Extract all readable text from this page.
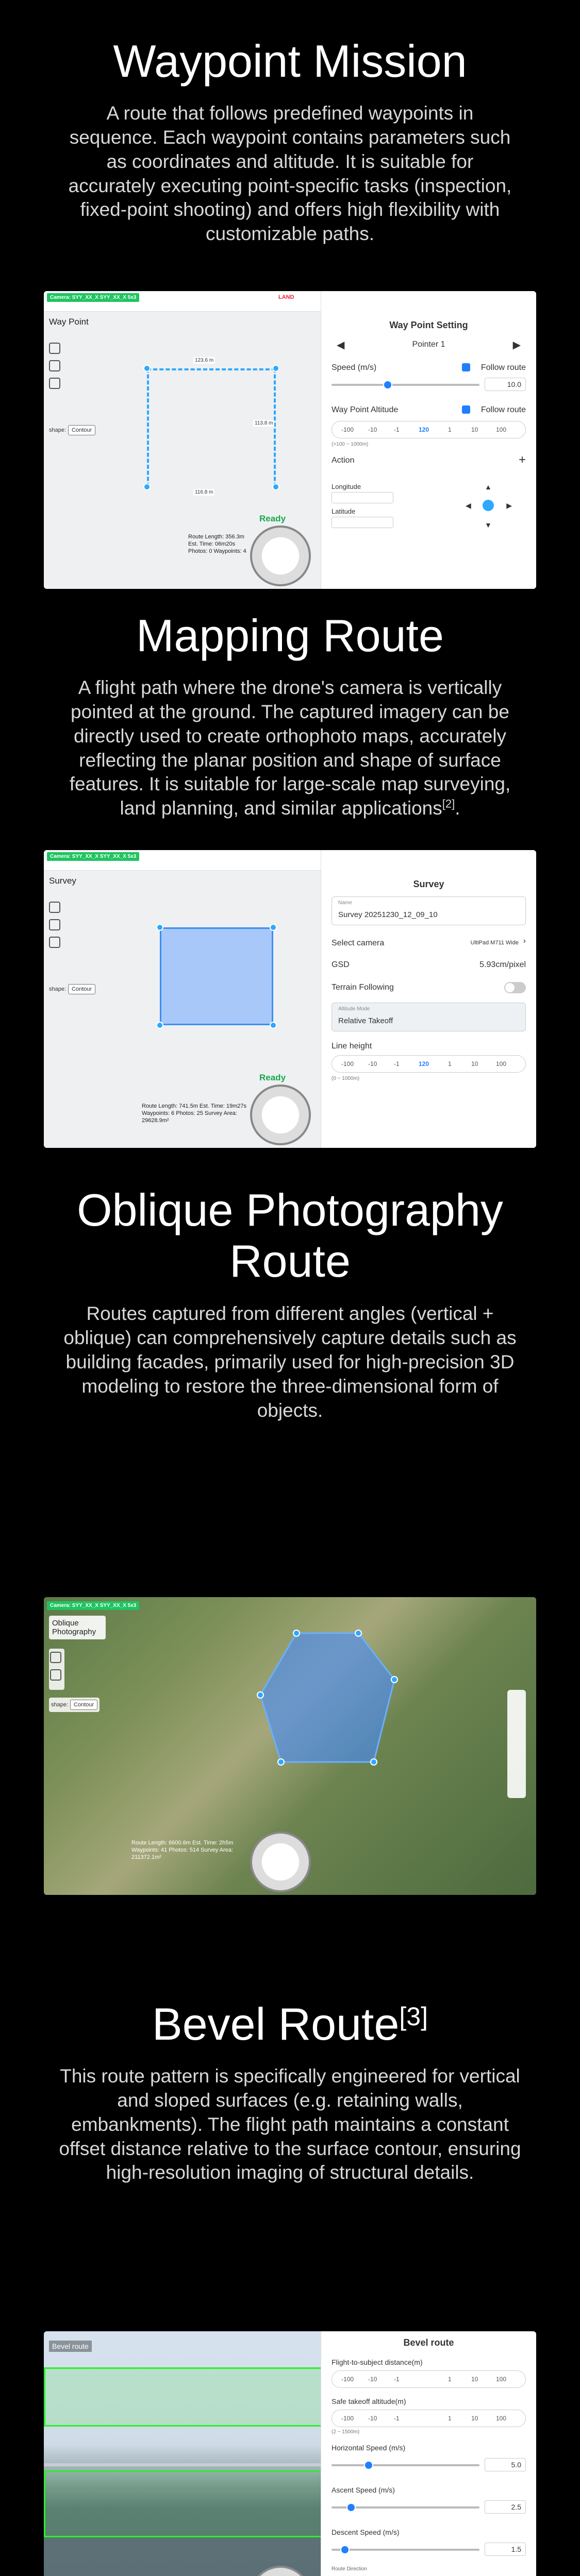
Waypoint Mission
A route that follows predefined waypoints in sequence. Each waypoint contains parameters such as coordinates and altitude. It is suitable for accurately executing point-specific tasks (inspection, fixed-point shooting) and offers high flexibility with customizable paths.
Camera: SYY_XX_X SYY_XX_X 5x3	LAND
Way Point
shape: Contour
123.6 m
113.8 m
116.8 m
Ready
Route Length: 356.3m Est. Time: 06m20s Photos: 0 Waypoints: 4
Way Point Setting
◀	Pointer 1	▶
Speed (m/s)	Follow route
10.0
Way Point Altitude	Follow route
-100 -10	-1	120	1	10	100
(>100 ~ 1000m)
Action	+
Longitude
Latitude
▲
◀	▶
▼
Mapping Route
A flight path where the drone's camera is vertically pointed at the ground. The captured imagery can be directly used to create orthophoto maps, accurately reflecting the planar position and shape of surface features. It is suitable for large-scale map surveying, land planning, and similar applications[2].
Camera: SYY_XX_X SYY_XX_X 5x3
Survey
shape: Contour
Ready
Route Length: 741.5m Est. Time: 19m27s Waypoints: 6 Photos: 25 Survey Area: 29628.9m²
Survey
Name
Survey 20251230_12_09_10
Select camera	UltiPad M711 Wide ›
GSD	5.93cm/pixel
Terrain Following
Altitude Mode
Relative Takeoff
Line height
-100 -10	-1	120	1	10	100
(0 ~ 1000m)
Oblique Photography Route
Routes captured from different angles (vertical + oblique) can comprehensively capture details such as building facades, primarily used for high-precision 3D modeling to restore the three-dimensional form of objects.
Camera: SYY_XX_X SYY_XX_X 5x3
Oblique Photography
shape: Contour
Route Length: 6600.6m Est. Time: 2h5m Waypoints: 41 Photos: 514 Survey Area: 211372.1m²
Bevel Route[3]
This route pattern is specifically engineered for vertical and sloped surfaces (e.g. retaining walls, embankments). The flight path maintains a constant offset distance relative to the surface contour, ensuring high-resolution imaging of structural details.
Bevel route	Bevel route
Flight-to-subject distance(m)
-100 -10	-1	1	10	100
Safe takeoff altitude(m)
-100 -10	-1	1	10	100
(2 ~ 1500m)
Horizontal Speed (m/s)
5.0
Ascent Speed (m/s)
2.5
Descent Speed (m/s)
1.5
Route Direction
